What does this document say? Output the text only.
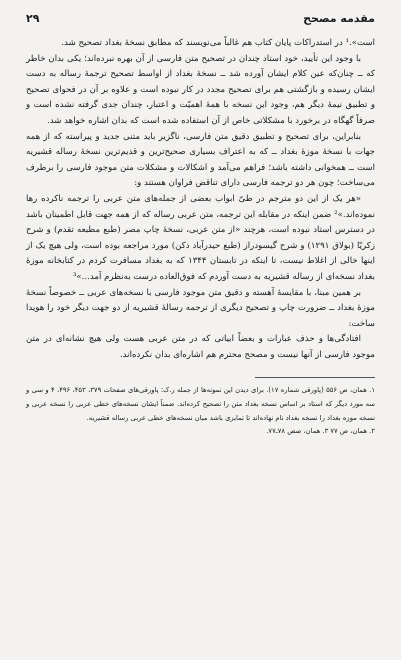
مقدمه مصحح
۲۹

است».¹ در استدراکات پایان کتاب هم غالباً می‌نویسند که مطابق نسخهٔ بغداد تصحیح شد.

با وجود این تأیید، خود استاد چندان در تصحیح متن فارسی از آن بهره نبرده‌اند؛ یکی بدان خاطر که ــ چنان‌که عین کلام ایشان آورده شد ــ نسخهٔ بغداد از اواسط تصحیح ترجمهٔ رساله به دست ایشان رسیده و بازگشتی هم برای تصحیح مجدد در کار نبوده است و علاوه بر آن در فحوای تصحیح و تطبیق نیمهٔ دیگر هم، وجود این نسخه با همهٔ اهمیّت و اعتبار، چندان جدی گرفته نشده است و صرفاً گهگاه در برخورد با مشکلاتی خاص از آن استفاده شده است که بدان اشاره خواهد شد.

بنابراین، برای تصحیح و تطبیق دقیق متن فارسی، ناگزیر باید متنی جدید و پیراسته که از همه جهات با نسخهٔ موزهٔ بغداد ــ که به اعتراف بسیاری صحیح‌ترین و قدیم‌ترین نسخهٔ رساله قشیریه است ــ همخوانی داشته باشد؛ فراهم می‌آمد و اشکالات و مشکلات متن موجود فارسی را برطرف می‌ساخت؛ چون هر دو ترجمه فارسی دارای تناقض فراوان هستند و:

«هر یک از این دو مترجم در طیّ ابواب بعضی از جمله‌های متن عربی را ترجمه ناکرده رها نموده‌اند.»² ضمن اینکه در مقابله این ترجمه، متن عربی رساله که از همه جهت قابل اطمینان باشد در دسترس استاد نبوده است، هرچند «از متن عربی، نسخهٔ چاپ مصر (طبع مطبعه تقدم) و شرح زکریّا (بولاق ۱۲۹۱) و شرح گیسودراز (طبع حیدرآباد دکن) مورد مراجعه بوده است، ولی هیچ یک از اینها خالی از اغلاط نیست، تا اینکه در تابستان ۱۳۴۴ که به بغداد مسافرت کردم در کتابخانه موزهٔ بغداد نسخه‌ای از رساله قشیریه به دست آوردم که فوق‌العاده درست به‌نظرم آمد...»³

بر همین مبنا، با مقایسهٔ آهسته و دقیق متن موجود فارسی با نسخه‌های عربی ــ خصوصاً نسخهٔ موزهٔ بغداد ــ ضرورت چاپ و تصحیح دیگری از ترجمه رسالهٔ قشیریه از دو جهت دیگر خود را هویدا ساخت:

افتادگی‌ها و حذف عبارات و بعضاً ابیاتی که در متن عربی هست ولی هیچ نشانه‌ای در متن موجود فارسی از آنها نیست و مصحح محترم هم اشاره‌ای بدان نکرده‌اند.

۱. همان، ص ۵۵۶ (پاورقی شماره ۱۷). برای دیدن این نمونه‌ها از جمله ر.ک: پاورقی‌های صفحات ۳۷۹، ۴۵۳، ۴۹۶، ۴ و سی و سه مورد دیگر که استاد بر اساس نسخه بغداد متن را تصحیح کرده‌اند. ضمناً ایشان نسخه‌های خطی عربی را نسخه عربی و نسخه موزه بغداد را نسخه بغداد نام نهاده‌اند تا تمایزی باشد میان نسخه‌های خطی عربی رساله قشیریه.

۲. همان، ص ۷۷ ۳. همان، صص ۷۸ـ۷۷.
